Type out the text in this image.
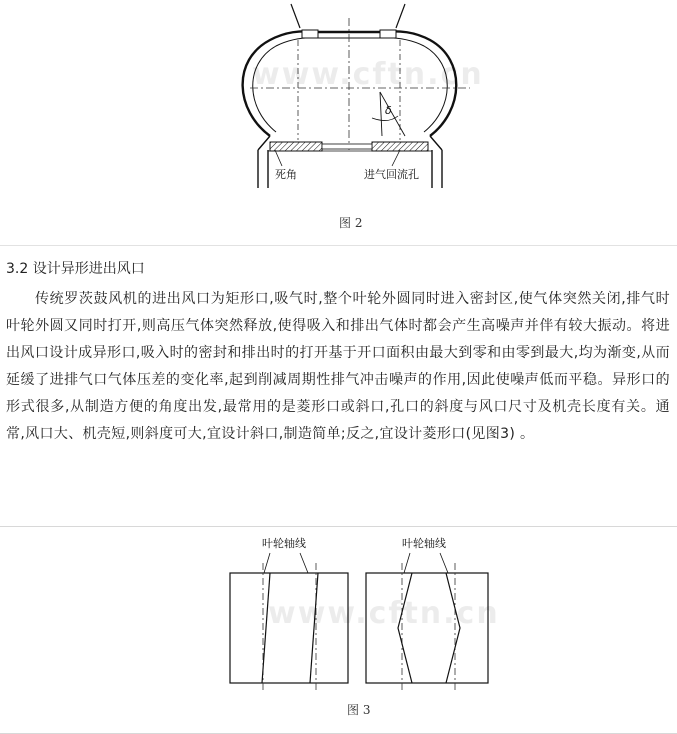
δ
死角	进气回流孔
www.cftn.cn
图 2
3.2 设计异形进出风口
传统罗茨鼓风机的进出风口为矩形口,吸气时,整个叶轮外圆同时进入密封区,使气体突然关闭,排气时叶轮外圆又同时打开,则高压气体突然释放,使得吸入和排出气体时都会产生高噪声并伴有较大振动。将进出风口设计成异形口,吸入时的密封和排出时的打开基于开口面积由最大到零和由零到最大,均为渐变,从而延缓了进排气口气体压差的变化率,起到削减周期性排气冲击噪声的作用,因此使噪声低而平稳。异形口的形式很多,从制造方便的角度出发,最常用的是菱形口或斜口,孔口的斜度与风口尺寸及机壳长度有关。通常,风口大、机壳短,则斜度可大,宜设计斜口,制造简单;反之,宜设计菱形口(见图3) 。
叶轮轴线	叶轮轴线
www.cftn.cn
图 3
